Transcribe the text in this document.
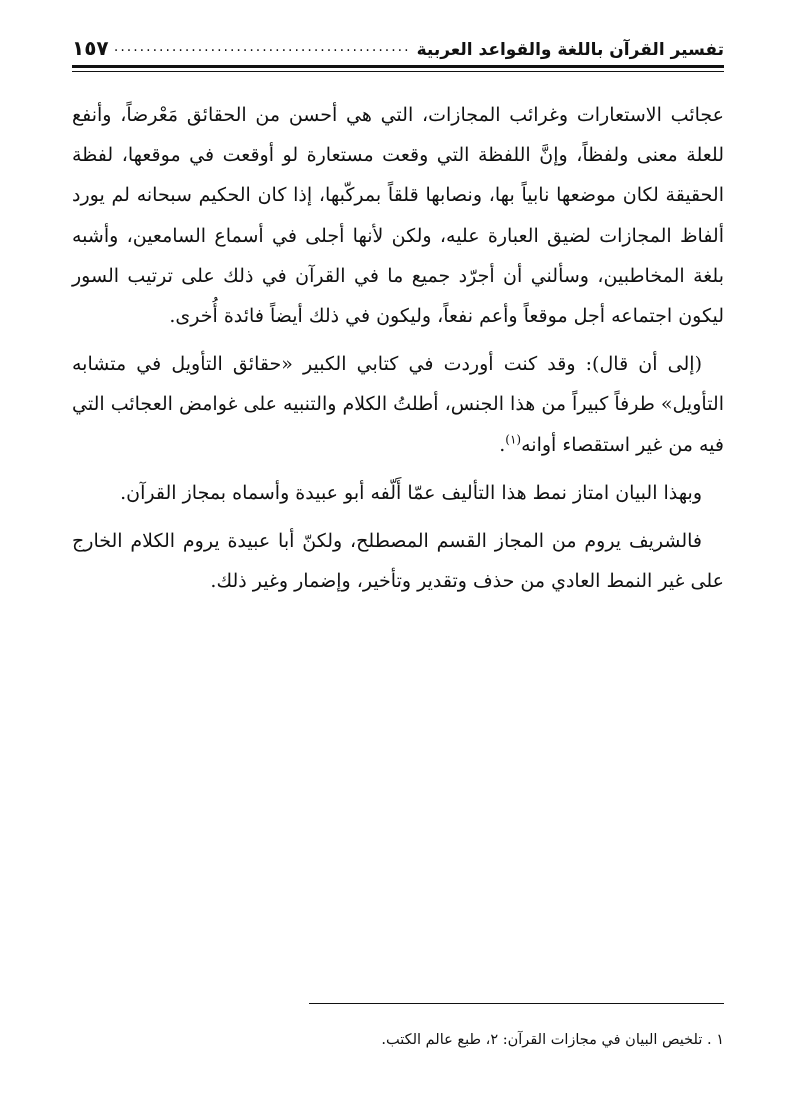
تفسير القرآن باللغة والقواعد العربية
.....
١٥٧

عجائب الاستعارات وغرائب المجازات، التي هي أحسن من الحقائق مَعْرضاً، وأنفع للعلة معنى ولفظاً، وإنَّ اللفظة التي وقعت مستعارة لو أوقعت في موقعها، لفظة الحقيقة لكان موضعها نابياً بها، ونصابها قلقاً بمركّبها، إذا كان الحكيم سبحانه لم يورد ألفاظ المجازات لضيق العبارة عليه، ولكن لأنها أجلى في أسماع السامعين، وأشبه بلغة المخاطبين، وسألني أن أجرّد جميع ما في القرآن في ذلك على ترتيب السور ليكون اجتماعه أجل موقعاً وأعم نفعاً، وليكون في ذلك أيضاً فائدة أُخرى.

(إلى أن قال): وقد كنت أوردت في كتابي الكبير «حقائق التأويل في متشابه التأويل» طرفاً كبيراً من هذا الجنس، أطلتُ الكلام والتنبيه على غوامض العجائب التي فيه من غير استقصاء أوانه$^{(١)}$.

وبهذا البيان امتاز نمط هذا التأليف عمّا أَلّفه أبو عبيدة وأسماه بمجاز القرآن.

فالشريف يروم من المجاز القسم المصطلح، ولكنّ أبا عبيدة يروم الكلام الخارج على غير النمط العادي من حذف وتقدير وتأخير، وإضمار وغير ذلك.

١ . تلخيص البيان في مجازات القرآن: ٢، طبع عالم الكتب.
